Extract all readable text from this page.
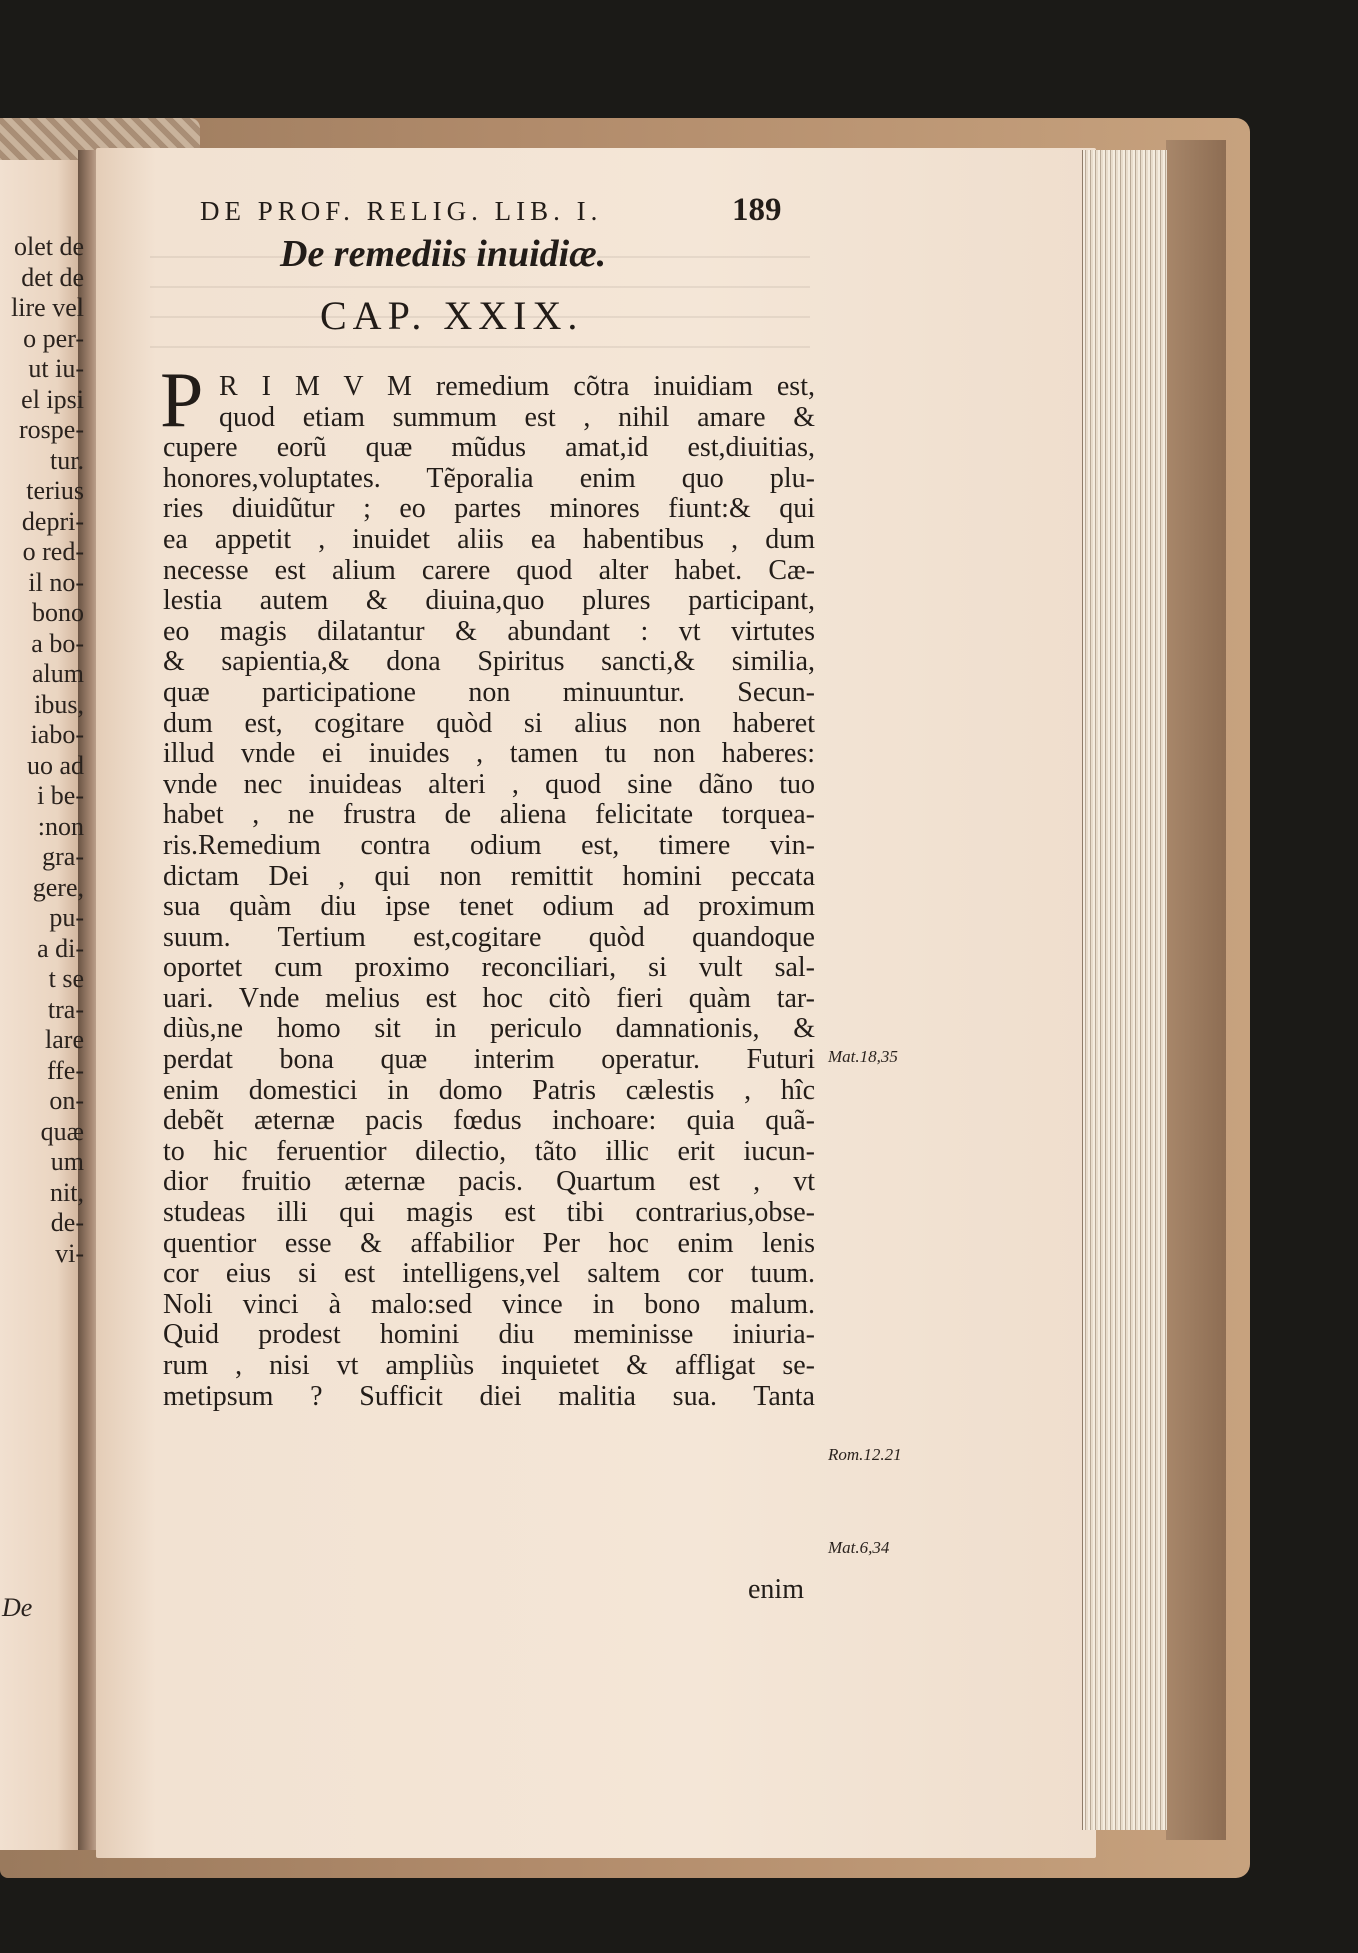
olet de
det de
lire vel
o per-
ut iu-
el ipsi
rospe-
tur.
terius
depri-
o red-
il no-
bono
a bo-
alum
ibus,
iabo-
uo ad
i be-
:non
gra-
gere,
pu-
a di-
t se
tra-
lare
ffe-
on-
quæ
um
nit,
de-
vi-
De
DE PROF. RELIG. LIB. I.	189
De remediis inuidiæ.
CAP. XXIX.
P R I M V M remedium cõtra inuidiam est,
quod etiam summum est , nihil amare &
cupere eorũ quæ mũdus amat,id est,diuitias,
honores,voluptates. Tẽporalia enim quo plu-
ries diuidũtur ; eo partes minores fiunt:& qui
ea appetit , inuidet aliis ea habentibus , dum
necesse est alium carere quod alter habet. Cæ-
lestia autem & diuina,quo plures participant,
eo magis dilatantur & abundant : vt virtutes
& sapientia,& dona Spiritus sancti,& similia,
quæ participatione non minuuntur. Secun-
dum est, cogitare quòd si alius non haberet
illud vnde ei inuides , tamen tu non haberes:
vnde nec inuideas alteri , quod sine dãno tuo
habet , ne frustra de aliena felicitate torquea-
ris.Remedium contra odium est, timere vin-
dictam Dei , qui non remittit homini peccata
sua quàm diu ipse tenet odium ad proximum
suum. Tertium est,cogitare quòd quandoque
oportet cum proximo reconciliari, si vult sal-
uari. Vnde melius est hoc citò fieri quàm tar-
diùs,ne homo sit in periculo damnationis, &
perdat bona quæ interim operatur. Futuri
enim domestici in domo Patris cælestis , hîc
debẽt æternæ pacis fœdus inchoare: quia quã-
to hic feruentior dilectio, tãto illic erit iucun-
dior fruitio æternæ pacis. Quartum est , vt
studeas illi qui magis est tibi contrarius,obse-
quentior esse & affabilior Per hoc enim lenis
cor eius si est intelligens,vel saltem cor tuum.
Noli vinci à malo:sed vince in bono malum.
Quid prodest homini diu meminisse iniuria-
rum , nisi vt ampliùs inquietet & affligat se-
metipsum ? Sufficit diei malitia sua. Tanta
enim
Mat.18,35
Rom.12.21
Mat.6,34
